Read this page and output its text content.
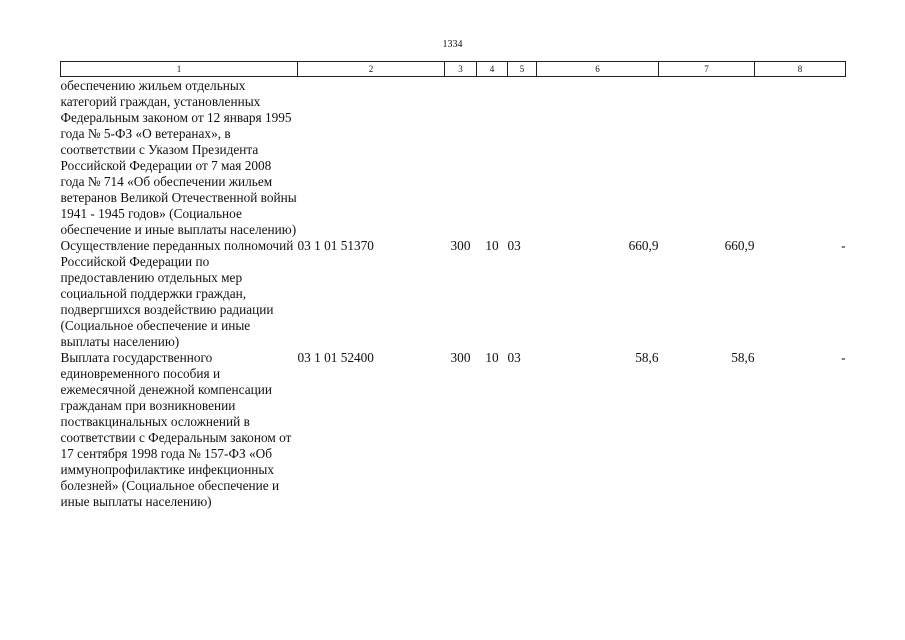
1334
1	2	3	4	5	6	7	8
обеспечению жильем отдельных категорий граждан, установленных Федеральным законом от 12 января 1995 года № 5-ФЗ «О ветеранах», в соответствии с Указом Президента Российской Федерации от 7 мая 2008 года № 714 «Об обеспечении жильем ветеранов Великой Отечественной войны 1941 - 1945 годов» (Социальное обеспечение и иные выплаты населению)							
Осуществление переданных полномочий Российской Федерации по предоставлению отдельных мер социальной поддержки граждан, подвергшихся воздействию радиации (Социальное обеспечение и иные выплаты населению)	03 1 01 51370	300	10	03	660,9	660,9	-
Выплата государственного единовременного пособия и ежемесячной денежной компенсации гражданам при возникновении поствакцинальных осложнений в соответствии с Федеральным законом от 17 сентября 1998 года № 157-ФЗ «Об иммунопрофилактике инфекционных болезней» (Социальное обеспечение и иные выплаты населению)	03 1 01 52400	300	10	03	58,6	58,6	-
